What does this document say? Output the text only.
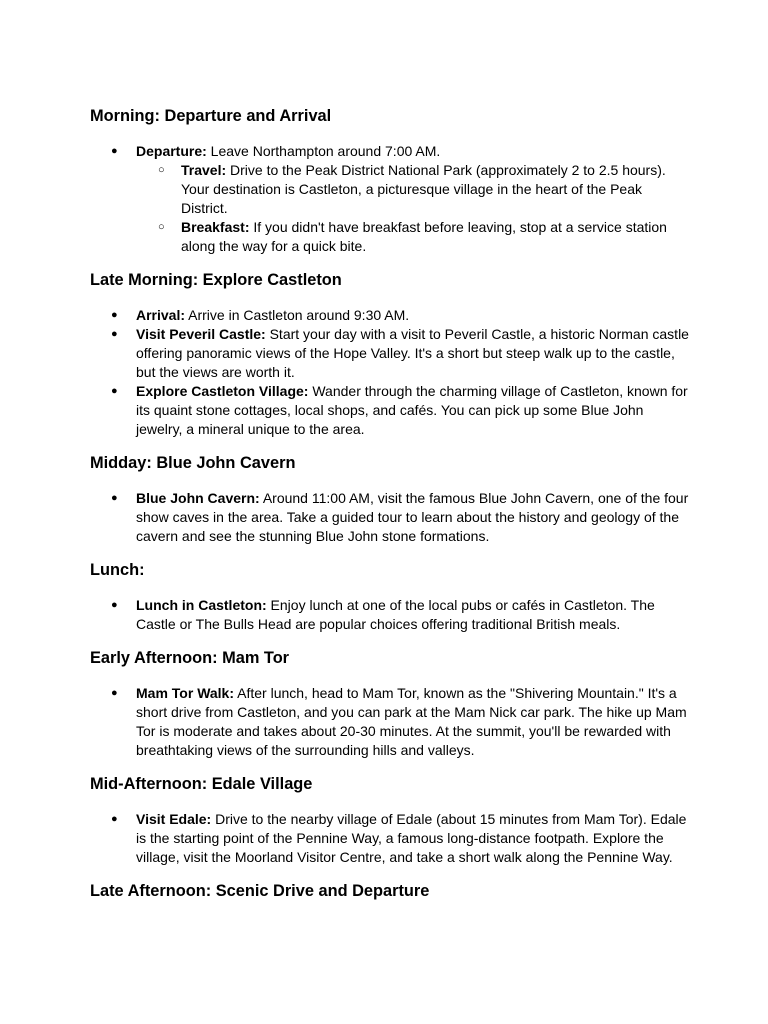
Morning: Departure and Arrival
● Departure: Leave Northampton around 7:00 AM.
○ Travel: Drive to the Peak District National Park (approximately 2 to 2.5 hours). Your destination is Castleton, a picturesque village in the heart of the Peak District.
○ Breakfast: If you didn't have breakfast before leaving, stop at a service station along the way for a quick bite.
Late Morning: Explore Castleton
● Arrival: Arrive in Castleton around 9:30 AM.
● Visit Peveril Castle: Start your day with a visit to Peveril Castle, a historic Norman castle offering panoramic views of the Hope Valley. It's a short but steep walk up to the castle, but the views are worth it.
● Explore Castleton Village: Wander through the charming village of Castleton, known for its quaint stone cottages, local shops, and cafés. You can pick up some Blue John jewelry, a mineral unique to the area.
Midday: Blue John Cavern
● Blue John Cavern: Around 11:00 AM, visit the famous Blue John Cavern, one of the four show caves in the area. Take a guided tour to learn about the history and geology of the cavern and see the stunning Blue John stone formations.
Lunch:
● Lunch in Castleton: Enjoy lunch at one of the local pubs or cafés in Castleton. The Castle or The Bulls Head are popular choices offering traditional British meals.
Early Afternoon: Mam Tor
● Mam Tor Walk: After lunch, head to Mam Tor, known as the "Shivering Mountain." It's a short drive from Castleton, and you can park at the Mam Nick car park. The hike up Mam Tor is moderate and takes about 20-30 minutes. At the summit, you'll be rewarded with breathtaking views of the surrounding hills and valleys.
Mid-Afternoon: Edale Village
● Visit Edale: Drive to the nearby village of Edale (about 15 minutes from Mam Tor). Edale is the starting point of the Pennine Way, a famous long-distance footpath. Explore the village, visit the Moorland Visitor Centre, and take a short walk along the Pennine Way.
Late Afternoon: Scenic Drive and Departure
